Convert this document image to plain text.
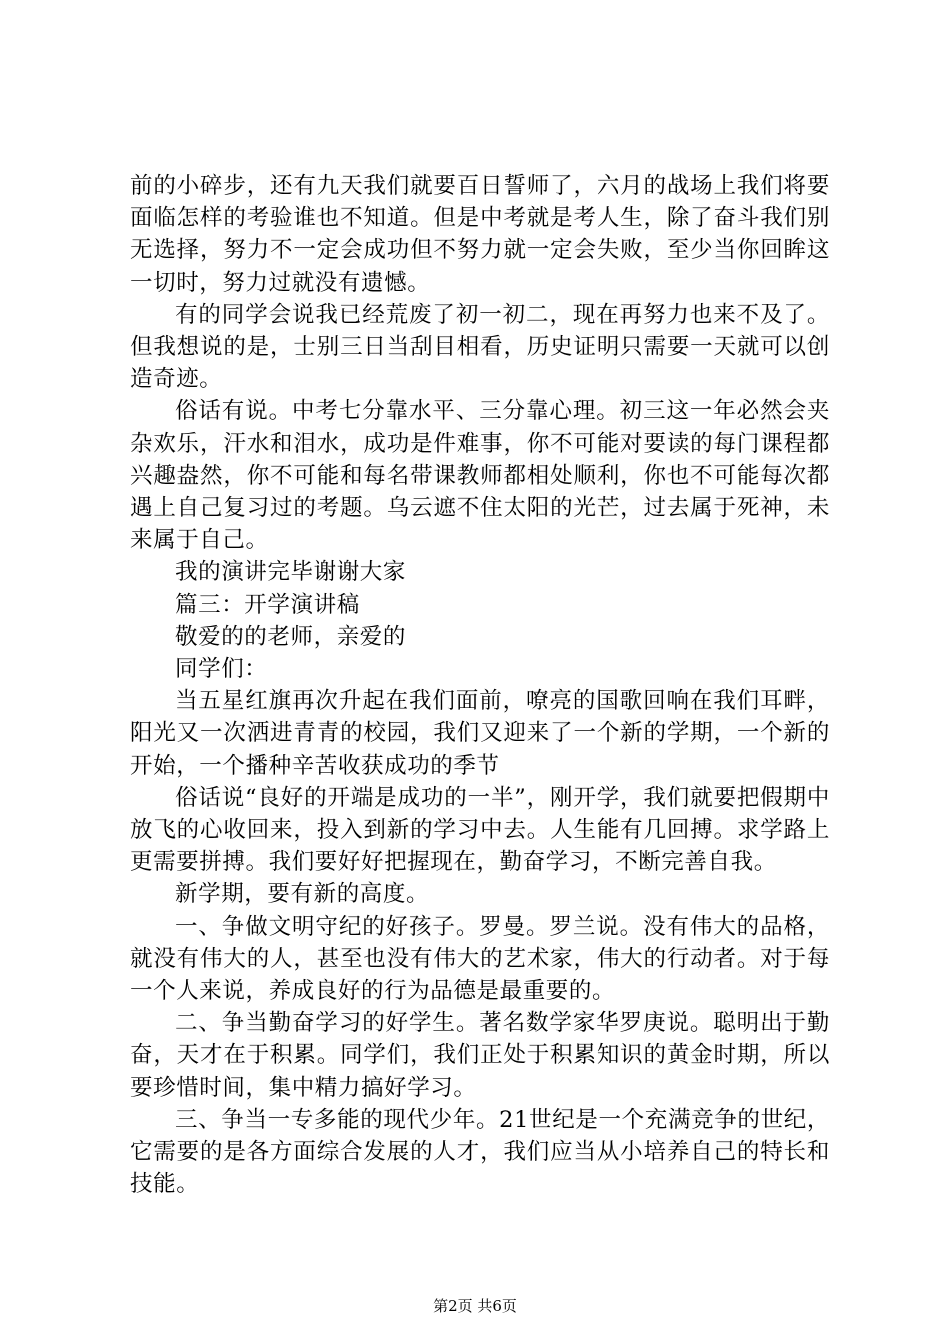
前的小碎步，还有九天我们就要百日誓师了，六月的战场上我们将要面临怎样的考验谁也不知道。但是中考就是考人生，除了奋斗我们别无选择，努力不一定会成功但不努力就一定会失败，至少当你回眸这一切时，努力过就没有遗憾。

有的同学会说我已经荒废了初一初二，现在再努力也来不及了。但我想说的是，士别三日当刮目相看，历史证明只需要一天就可以创造奇迹。

俗话有说。中考七分靠水平、三分靠心理。初三这一年必然会夹杂欢乐，汗水和泪水，成功是件难事，你不可能对要读的每门课程都兴趣盎然，你不可能和每名带课教师都相处顺利，你也不可能每次都遇上自己复习过的考题。乌云遮不住太阳的光芒，过去属于死神，未来属于自己。

我的演讲完毕谢谢大家

篇三：开学演讲稿

敬爱的的老师，亲爱的

同学们：

当五星红旗再次升起在我们面前，嘹亮的国歌回响在我们耳畔，阳光又一次洒进青青的校园，我们又迎来了一个新的学期，一个新的开始，一个播种辛苦收获成功的季节

俗话说“良好的开端是成功的一半”，刚开学，我们就要把假期中放飞的心收回来，投入到新的学习中去。人生能有几回搏。求学路上更需要拼搏。我们要好好把握现在，勤奋学习，不断完善自我。

新学期，要有新的高度。

一、争做文明守纪的好孩子。罗曼。罗兰说。没有伟大的品格，就没有伟大的人，甚至也没有伟大的艺术家，伟大的行动者。对于每一个人来说，养成良好的行为品德是最重要的。

二、争当勤奋学习的好学生。著名数学家华罗庚说。聪明出于勤奋，天才在于积累。同学们，我们正处于积累知识的黄金时期，所以要珍惜时间，集中精力搞好学习。

三、争当一专多能的现代少年。21世纪是一个充满竞争的世纪，它需要的是各方面综合发展的人才，我们应当从小培养自己的特长和技能。

第2页 共6页
